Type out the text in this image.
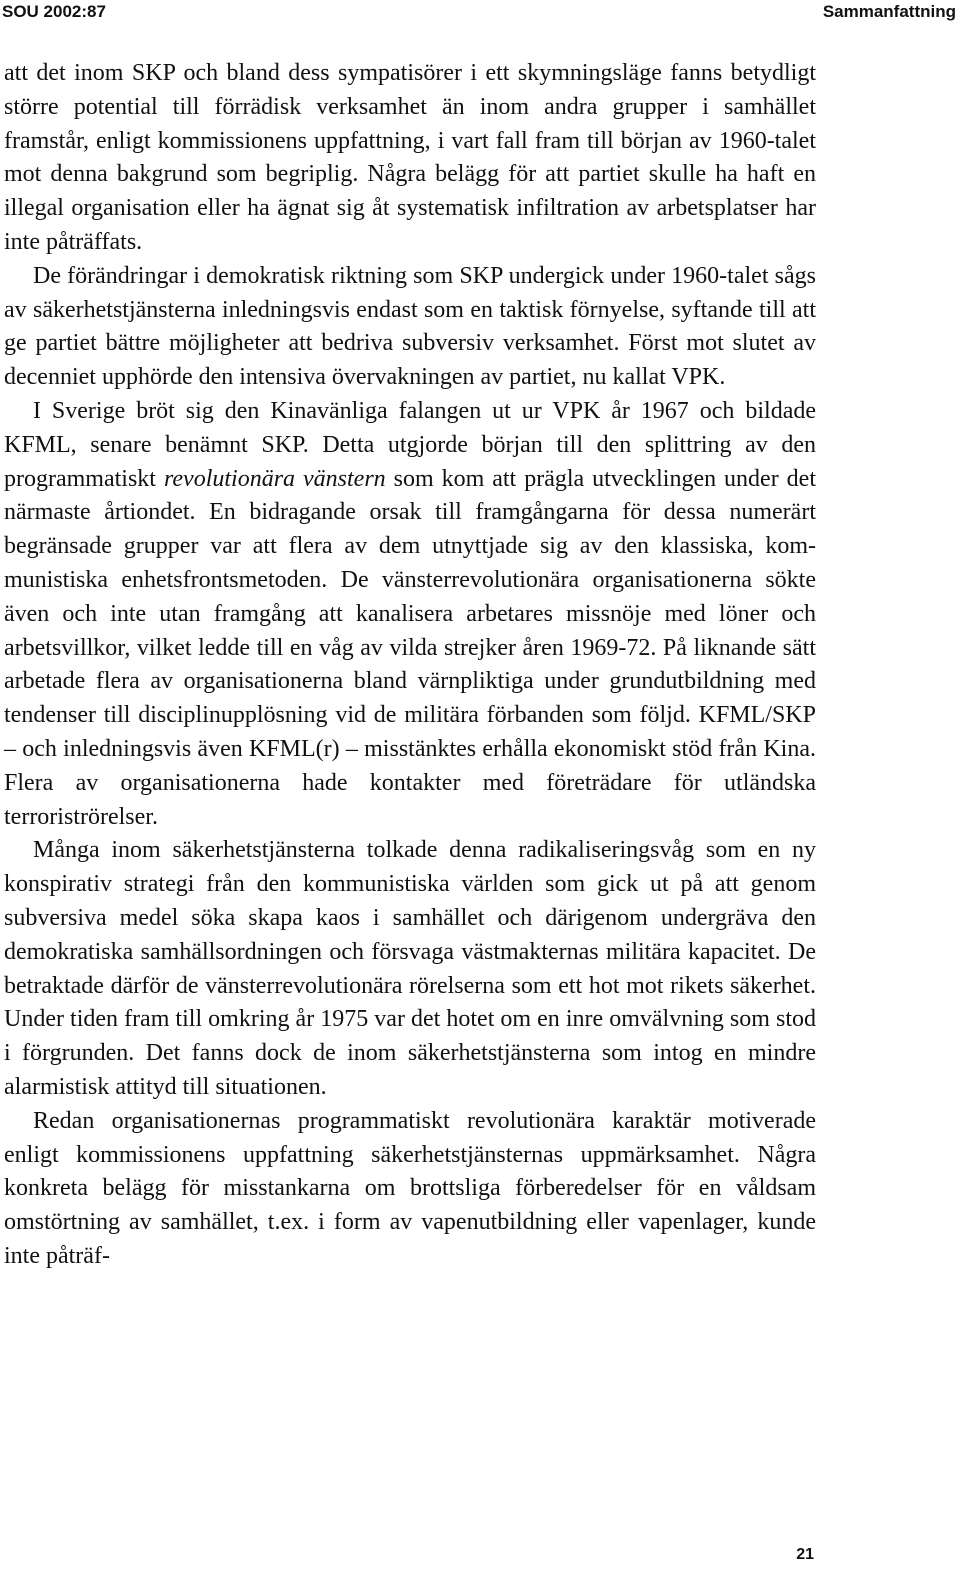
SOU 2002:87	Sammanfattning

att det inom SKP och bland dess sympatisörer i ett skymningsläge fanns betydligt större potential till förrädisk verksamhet än inom andra grupper i samhället framstår, enligt kommissionens uppfattning, i vart fall fram till början av 1960-talet mot denna bakgrund som begriplig. Några belägg för att partiet skulle ha haft en illegal organisation eller ha ägnat sig åt systematisk infiltration av arbetsplatser har inte påträffats.

De förändringar i demokratisk riktning som SKP undergick under 1960-talet sågs av säkerhetstjänsterna inledningsvis endast som en taktisk förnyelse, syftande till att ge partiet bättre möjligheter att bedriva subversiv verksamhet. Först mot slutet av decenniet upphörde den intensiva övervakningen av partiet, nu kallat VPK.

I Sverige bröt sig den Kinavänliga falangen ut ur VPK år 1967 och bildade KFML, senare benämnt SKP. Detta utgjorde början till den splittring av den programmatiskt revolutionära vänstern som kom att prägla utvecklingen under det närmaste årtiondet. En bidragande orsak till framgångarna för dessa numerärt begränsade grupper var att flera av dem utnyttjade sig av den klassiska, kommunistiska enhetsfrontsmetoden. De vänsterrevolutionära organisationerna sökte även och inte utan framgång att kanalisera arbetares missnöje med löner och arbetsvillkor, vilket ledde till en våg av vilda strejker åren 1969-72. På liknande sätt arbetade flera av organisationerna bland värnpliktiga under grundutbildning med tendenser till disciplinupplösning vid de militära förbanden som följd. KFML/SKP – och inledningsvis även KFML(r) – misstänktes erhålla ekonomiskt stöd från Kina. Flera av organisationerna hade kontakter med företrädare för utländska terroriströrelser.

Många inom säkerhetstjänsterna tolkade denna radikaliseringsvåg som en ny konspirativ strategi från den kommunistiska världen som gick ut på att genom subversiva medel söka skapa kaos i samhället och därigenom undergräva den demokratiska samhällsordningen och försvaga västmakternas militära kapacitet. De betraktade därför de vänsterrevolutionära rörelserna som ett hot mot rikets säkerhet. Under tiden fram till omkring år 1975 var det hotet om en inre omvälvning som stod i förgrunden. Det fanns dock de inom säkerhetstjänsterna som intog en mindre alarmistisk attityd till situationen.

Redan organisationernas programmatiskt revolutionära karaktär motiverade enligt kommissionens uppfattning säkerhetstjänsternas uppmärksamhet. Några konkreta belägg för misstankarna om brottsliga förberedelser för en våldsam omstörtning av samhället, t.ex. i form av vapenutbildning eller vapenlager, kunde inte påträf-

21
